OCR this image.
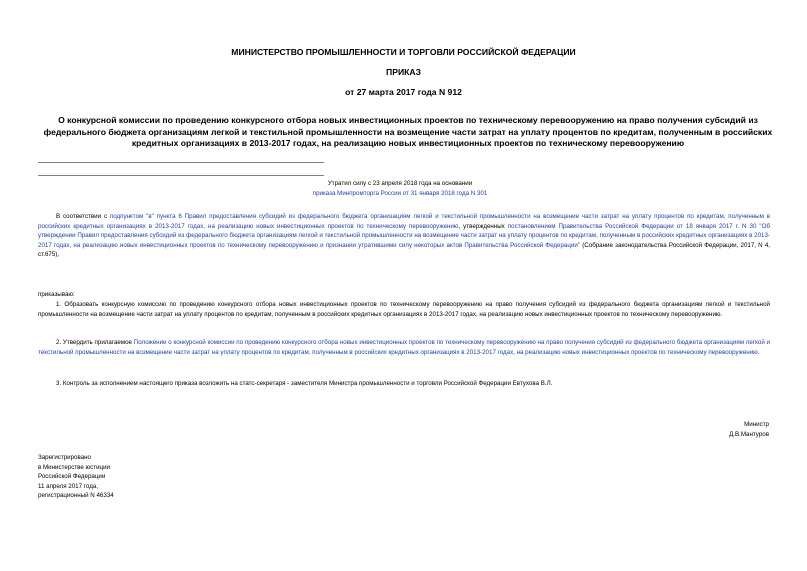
МИНИСТЕРСТВО ПРОМЫШЛЕННОСТИ И ТОРГОВЛИ РОССИЙСКОЙ ФЕДЕРАЦИИ

ПРИКАЗ

от 27 марта 2017 года N 912

О конкурсной комиссии по проведению конкурсного отбора новых инвестиционных проектов по техническому перевооружению на право получения субсидий из федерального бюджета организациям легкой и текстильной промышленности на возмещение части затрат на уплату процентов по кредитам, полученным в российских кредитных организациях в 2013-2017 годах, на реализацию новых инвестиционных проектов по техническому перевооружению

Утратил силу с 23 апреля 2018 года на основании
приказа Минпромторга России от 31 января 2018 года N 301

В соответствии с подпунктом "в" пункта 6 Правил предоставления субсидий из федерального бюджета организациям легкой и текстильной промышленности на возмещение части затрат на уплату процентов по кредитам, полученным в российских кредитных организациях в 2013-2017 годах, на реализацию новых инвестиционных проектов по техническому перевооружению, утвержденных постановлением Правительства Российской Федерации от 18 января 2017 г. N 30 "Об утверждении Правил предоставления субсидий из федерального бюджета организациям легкой и текстильной промышленности на возмещение части затрат на уплату процентов по кредитам, полученным в российских кредитных организациях в 2013-2017 годах, на реализацию новых инвестиционных проектов по техническому перевооружению и признании утратившими силу некоторых актов Правительства Российской Федерации" (Собрание законодательства Российской Федерации, 2017, N 4, ст.675),

приказываю:

1. Образовать конкурсную комиссию по проведению конкурсного отбора новых инвестиционных проектов по техническому перевооружению на право получения субсидий из федерального бюджета организациям легкой и текстильной промышленности на возмещение части затрат на уплату процентов по кредитам, полученным в российских кредитных организациях в 2013-2017 годах, на реализацию новых инвестиционных проектов по техническому перевооружению.

2. Утвердить прилагаемое Положение о конкурсной комиссии по проведению конкурсного отбора новых инвестиционных проектов по техническому перевооружению на право получения субсидий из федерального бюджета организациям легкой и текстильной промышленности на возмещение части затрат на уплату процентов по кредитам, полученным в российских кредитных организациях в 2013-2017 годах, на реализацию новых инвестиционных проектов по техническому перевооружению.

3. Контроль за исполнением настоящего приказа возложить на статс-секретаря - заместителя Министра промышленности и торговли Российской Федерации Евтухова В.Л.

Министр
Д.В.Мантуров

Зарегистрировано
в Министерстве юстиции
Российской Федерации
11 апреля 2017 года,
регистрационный N 46334
